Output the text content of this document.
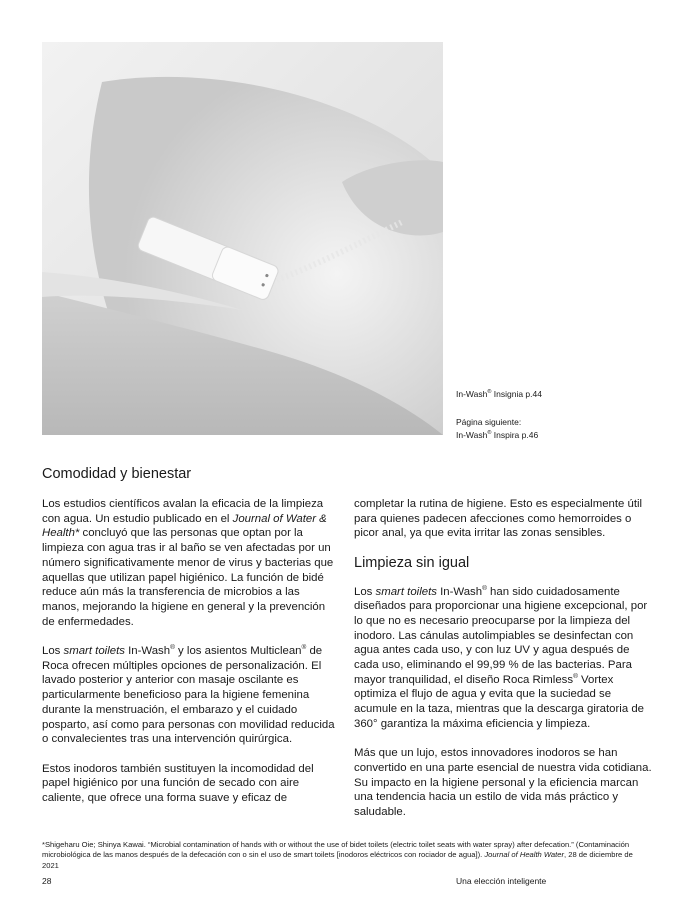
In-Wash® Insignia p.44
Página siguiente:
In-Wash® Inspira p.46
Comodidad y bienestar

Los estudios científicos avalan la eficacia de la limpieza con agua. Un estudio publicado en el Journal of Water & Health* concluyó que las personas que optan por la limpieza con agua tras ir al baño se ven afectadas por un número significativamente menor de virus y bacterias que aquellas que utilizan papel higiénico. La función de bidé reduce aún más la transferencia de microbios a las manos, mejorando la higiene en general y la prevención de enfermedades.

Los smart toilets In-Wash® y los asientos Multiclean® de Roca ofrecen múltiples opciones de personalización. El lavado posterior y anterior con masaje oscilante es particularmente beneficioso para la higiene femenina durante la menstruación, el embarazo y el cuidado posparto, así como para personas con movilidad reducida o convalecientes tras una intervención quirúrgica.

Estos inodoros también sustituyen la incomodidad del papel higiénico por una función de secado con aire caliente, que ofrece una forma suave y eficaz de

completar la rutina de higiene. Esto es especialmente útil para quienes padecen afecciones como hemorroides o picor anal, ya que evita irritar las zonas sensibles.

Limpieza sin igual

Los smart toilets In-Wash® han sido cuidadosamente diseñados para proporcionar una higiene excepcional, por lo que no es necesario preocuparse por la limpieza del inodoro. Las cánulas autolimpiables se desinfectan con agua antes cada uso, y con luz UV y agua después de cada uso, eliminando el 99,99 % de las bacterias. Para mayor tranquilidad, el diseño Roca Rimless® Vortex optimiza el flujo de agua y evita que la suciedad se acumule en la taza, mientras que la descarga giratoria de 360° garantiza la máxima eficiencia y limpieza.

Más que un lujo, estos innovadores inodoros se han convertido en una parte esencial de nuestra vida cotidiana. Su impacto en la higiene personal y la eficiencia marcan una tendencia hacia un estilo de vida más práctico y saludable.

*Shigeharu Oie; Shinya Kawai. “Microbial contamination of hands with or without the use of bidet toilets (electric toilet seats with water spray) after defecation.” (Contaminación microbiológica de las manos después de la defecación con o sin el uso de smart toilets [inodoros eléctricos con rociador de agua]). Journal of Health Water, 28 de diciembre de 2021
28	Una elección inteligente
